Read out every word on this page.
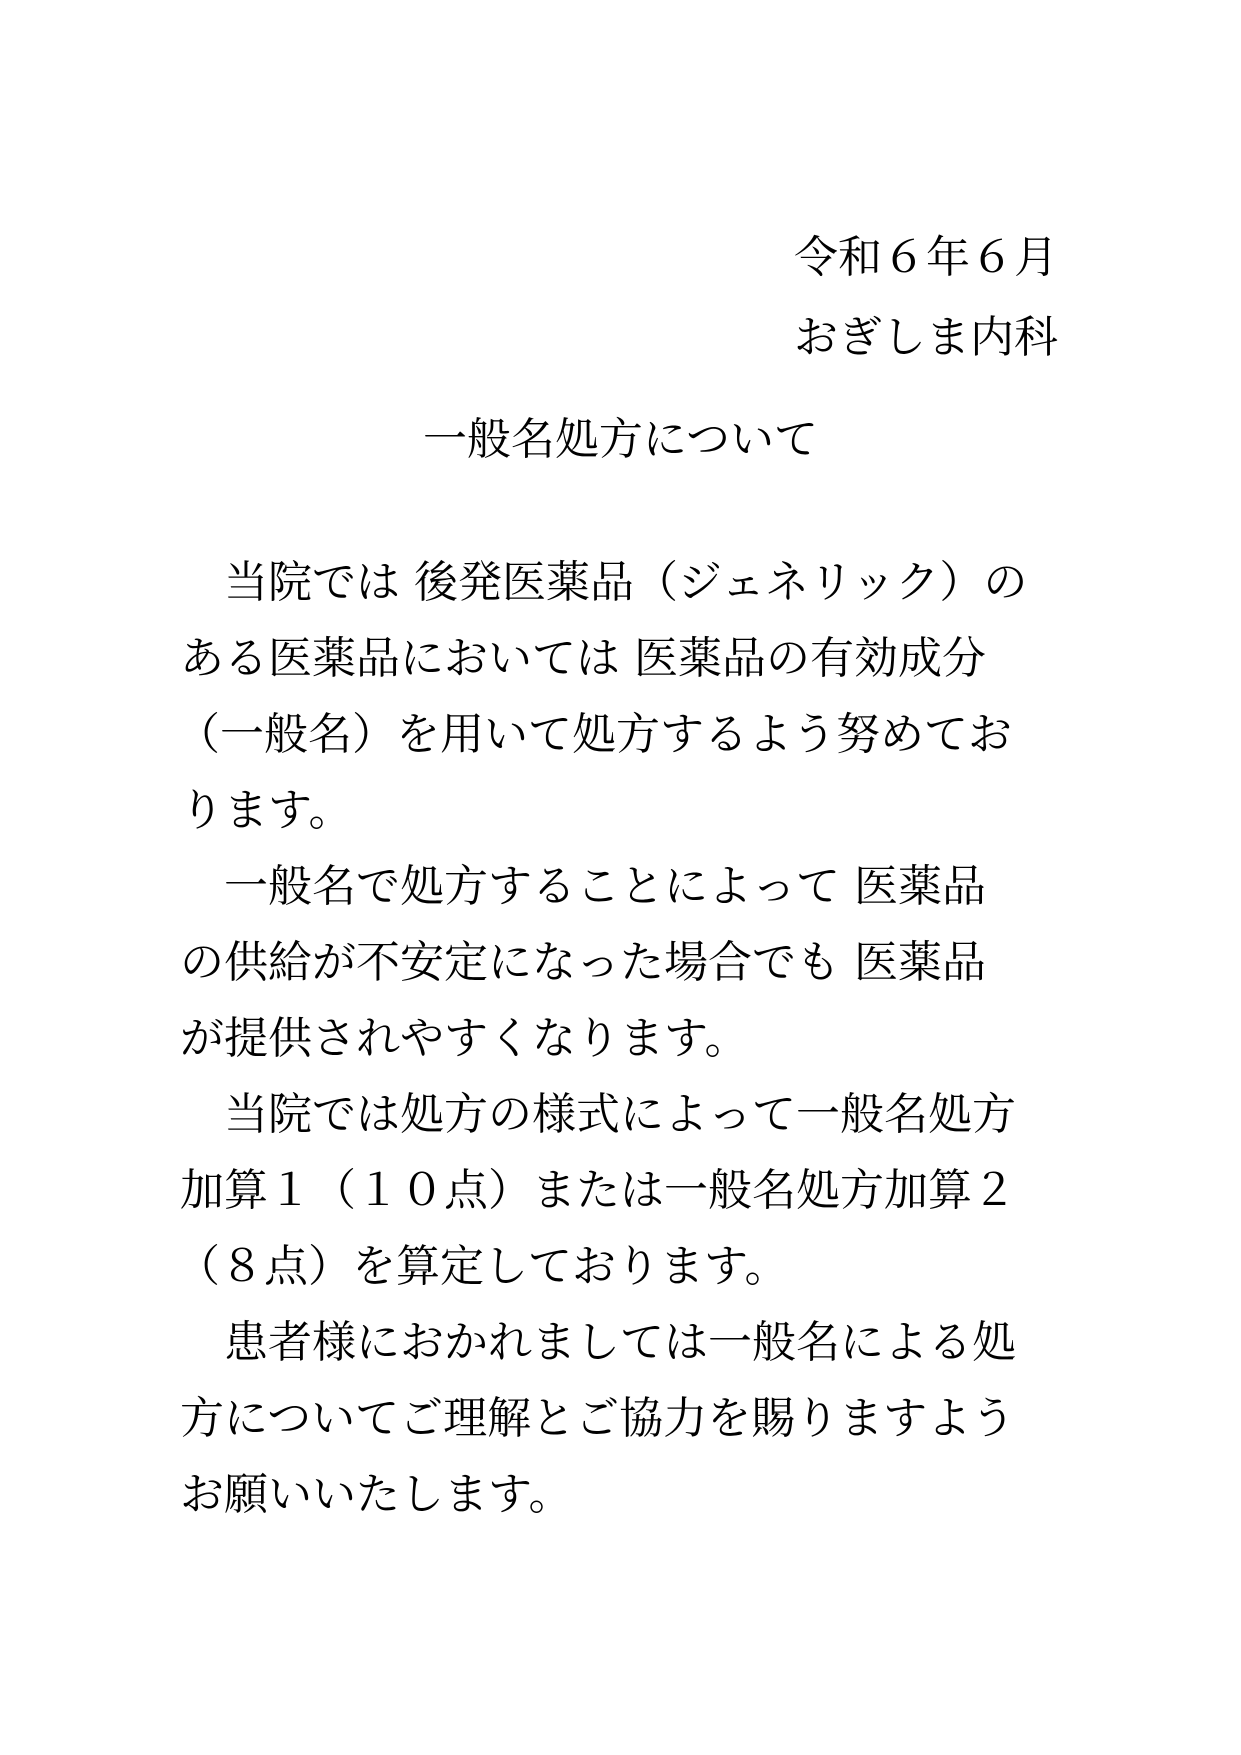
令和６年６月
おぎしま内科
一般名処方について
当院では 後発医薬品（ジェネリック）の
ある医薬品においては 医薬品の有効成分
（一般名）を用いて処方するよう努めてお
ります。
一般名で処方することによって 医薬品
の供給が不安定になった場合でも 医薬品
が提供されやすくなります。
当院では処方の様式によって一般名処方
加算１（１０点）または一般名処方加算２
（８点）を算定しております。
患者様におかれましては一般名による処
方についてご理解とご協力を賜りますよう
お願いいたします。
